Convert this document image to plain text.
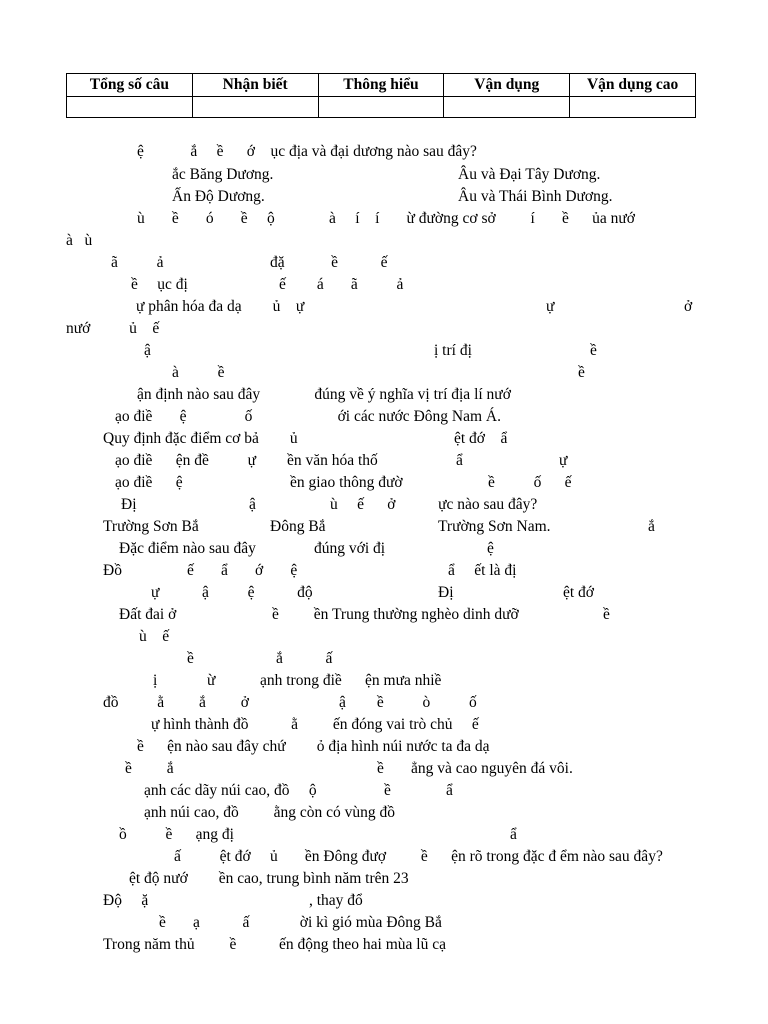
Tổng số câu	Nhận biết	Thông hiểu	Vận dụng	Vận dụng cao

ệ            ắ     ề      ớ    ục địa và đại dương nào sau đây?
ắc Băng Dương.	Âu và Đại Tây Dương.
Ấn Độ Dương.	Âu và Thái Bình Dương.
ù       ề       ó       ề     ộ              à     í    í       ừ đường cơ sở         í       ề      ủa nướ
à   ù
ã          ả	đặ            ề           ế
ề     ục đị	ế        á       ã          ả
ự phân hóa đa dạ        ủ    ự	ự	ở
nướ          ủ    ế
ậ	ị trí đị	ề
à          ề	ề
ận định nào sau đây              đúng về ý nghĩa vị trí địa lí nướ
ạo điề       ệ               ố                      ới các nước Đông Nam Á.
Quy định đặc điểm cơ bả        ủ	ệt đớ    ẩ
ạo điề      ện đề          ự        ền văn hóa thố	ẩ	ự
ạo điề      ệ	ền giao thông đườ	ề          ố      ế
Đị	ậ	ù     ế      ở           ực nào sau đây?
Trường Sơn Bắ	Đông Bắ	Trường Sơn Nam.	ắ
Đặc điểm nào sau đây               đúng với đị	ệ
Đồ	ế       ẩ       ớ       ệ	ẩ     ết là đị
ự           ậ          ệ           độ	Đị	ệt đớ
Đất đai ở	ề         ền Trung thường nghèo dinh dưỡ	ề
ù    ế
ề	ắ           ấ
ị	ừ	ạnh trong điề      ện mưa nhiề
đồ          ằ         ắ         ở	ậ        ề          ò          ố
ự hình thành đồ           ằ         ến đóng vai trò chủ     ế
ề      ện nào sau đây chứ        ỏ địa hình núi nước ta đa dạ
ề         ắ	ề       ẳng và cao nguyên đá vôi.
ạnh các dãy núi cao, đồ     ộ	ề	ẩ
ạnh núi cao, đồ         ằng còn có vùng đồ
ồ          ề      ạng đị	ẩ
ấ          ệt đớ     ủ       ền Đông đượ         ề      ện rõ trong đặc đ ểm nào sau đây?
ệt độ nướ        ền cao, trung bình năm trên 23
Độ     ặ	, thay đổ
ề       ạ           ấ             ời kì gió mùa Đông Bắ
Trong năm thủ         ề           ến động theo hai mùa lũ cạ
